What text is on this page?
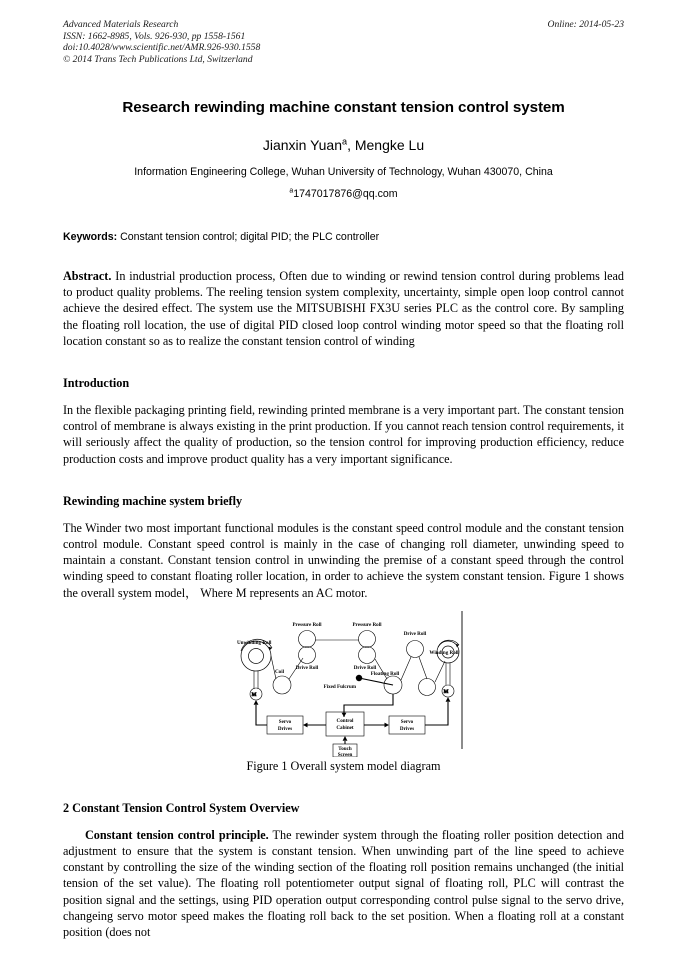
Advanced Materials Research
ISSN: 1662-8985, Vols. 926-930, pp 1558-1561
doi:10.4028/www.scientific.net/AMR.926-930.1558
© 2014 Trans Tech Publications Ltd, Switzerland
Online: 2014-05-23
Research rewinding machine constant tension control system
Jianxin Yuan$^a$, Mengke Lu
Information Engineering College, Wuhan University of Technology, Wuhan 430070, China
$^a$1747017876@qq.com
Keywords: Constant tension control; digital PID; the PLC controller
Abstract. In industrial production process, Often due to winding or rewind tension control during problems lead to product quality problems. The reeling tension system complexity, uncertainty, simple open loop control cannot achieve the desired effect. The system use the MITSUBISHI FX3U series PLC as the control core. By sampling the floating roll location, the use of digital PID closed loop control winding motor speed so that the floating roll location constant so as to realize the constant tension control of winding
Introduction

In the flexible packaging printing field, rewinding printed membrane is a very important part. The constant tension control of membrane is always existing in the print production. If you cannot reach tension control requirements, it will seriously affect the quality of production, so the tension control for improving production efficiency, reduce production costs and improve product quality has a very important significance.

Rewinding machine system briefly

The Winder two most important functional modules is the constant speed control module and the constant tension control module. Constant speed control is mainly in the case of changing roll diameter, unwinding speed to maintain a constant. Constant tension control in unwinding the premise of a constant speed through the control winding speed to constant floating roller location, in order to achieve the system constant tension. Figure 1 shows the overall system model， Where M represents an AC motor.

M	M
Unwinding Roll
Coil
Pressure Roll
Drive Roll
Pressure Roll
Drive Roll
Floating Roll
Fixed Fulcrum
Drive Roll
Winding Roll
Servo
Drives
Control
Cabinet
Servo
Drives
Touch
Screen
Figure 1 Overall system model diagram
2 Constant Tension Control System Overview

Constant tension control principle. The rewinder system through the floating roller position detection and adjustment to ensure that the system is constant tension. When unwinding part of the line speed to achieve constant by controlling the size of the winding section of the floating roll position remains unchanged (the initial tension of the set value). The floating roll potentiometer output signal of floating roll, PLC will contrast the position signal and the settings, using PID operation output corresponding control pulse signal to the servo drive, changeing servo motor speed makes the floating roll back to the set position. When a floating roll at a constant position (does not
